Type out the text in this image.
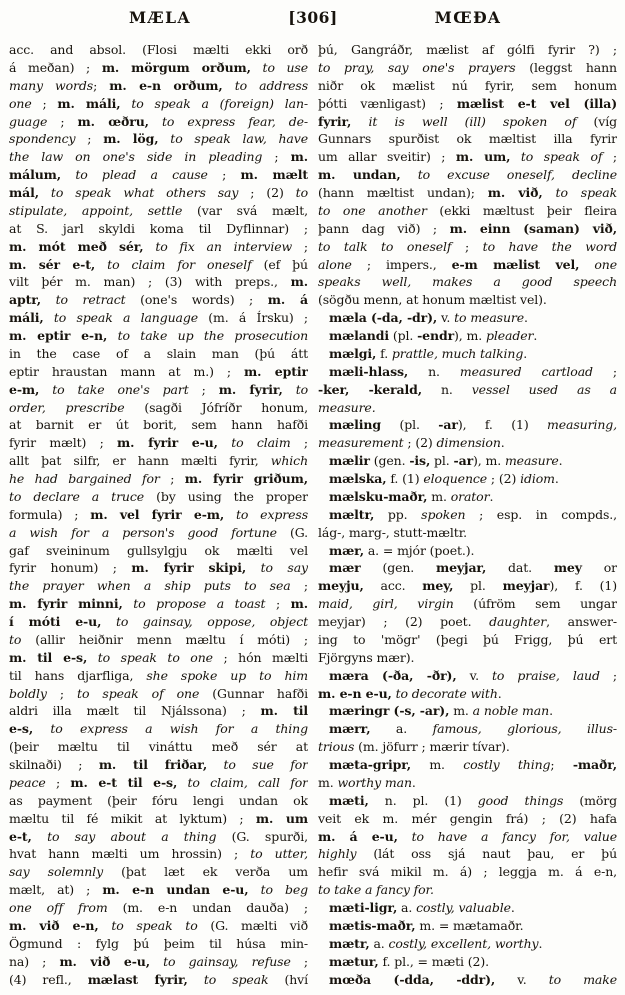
MÆLA	[306]	MŒÐA
acc. and absol. (Flosi mælti ekki orð
á meðan) ; m. mörgum orðum, to use
many words; m. e-n orðum, to address
one ; m. máli, to speak a (foreign) lan-
guage ; m. œðru, to express fear, de-
spondency ; m. lög, to speak law, have
the law on one's side in pleading ; m.
málum, to plead a cause ; m. mælt
mál, to speak what others say ; (2) to
stipulate, appoint, settle (var svá mælt,
at S. jarl skyldi koma til Dyflinnar) ;
m. mót með sér, to fix an interview ;
m. sér e-t, to claim for oneself (ef þú
vilt þér m. man) ; (3) with preps., m.
aptr, to retract (one's words) ; m. á
máli, to speak a language (m. á Írsku) ;
m. eptir e-n, to take up the prosecution
in the case of a slain man (þú átt
eptir hraustan mann at m.) ; m. eptir
e-m, to take one's part ; m. fyrir, to
order, prescribe (sagði Jófríðr honum,
at barnit er út borit, sem hann hafði
fyrir mælt) ; m. fyrir e-u, to claim ;
allt þat silfr, er hann mælti fyrir, which
he had bargained for ; m. fyrir griðum,
to declare a truce (by using the proper
formula) ; m. vel fyrir e-m, to express
a wish for a person's good fortune (G.
gaf sveininum gullsylgju ok mælti vel
fyrir honum) ; m. fyrir skipi, to say
the prayer when a ship puts to sea ;
m. fyrir minni, to propose a toast ; m.
í móti e-u, to gainsay, oppose, object
to (allir heiðnir menn mæltu í móti) ;
m. til e-s, to speak to one ; hón mælti
til hans djarfliga, she spoke up to him
boldly ; to speak of one (Gunnar hafði
aldri illa mælt til Njálssona) ; m. til
e-s, to express a wish for a thing
(þeir mæltu til vináttu með sér at
skilnaði) ; m. til friðar, to sue for
peace ; m. e-t til e-s, to claim, call for
as payment (þeir fóru lengi undan ok
mæltu til fé mikit at lyktum) ; m. um
e-t, to say about a thing (G. spurði,
hvat hann mælti um hrossin) ; to utter,
say solemnly (þat læt ek verða um
mælt, at) ; m. e-n undan e-u, to beg
one off from (m. e-n undan dauða) ;
m. við e-n, to speak to (G. mælti við
Ögmund : fylg þú þeim til húsa min-
na) ; m. við e-u, to gainsay, refuse ;
(4) refl., mælast fyrir, to speak (hví
þú, Gangráðr, mælist af gólfi fyrir ?) ;
to pray, say one's prayers (leggst hann
niðr ok mælist nú fyrir, sem honum
þótti vænligast) ; mælist e-t vel (illa)
fyrir, it is well (ill) spoken of (víg
Gunnars spurðist ok mæltist illa fyrir
um allar sveitir) ; m. um, to speak of ;
m. undan, to excuse oneself, decline
(hann mæltist undan); m. við, to speak
to one another (ekki mæltust þeir fleira
þann dag við) ; m. einn (saman) við,
to talk to oneself ; to have the word
alone ; impers., e-m mælist vel, one
speaks well, makes a good speech
(sögðu menn, at honum mæltist vel).
mæla (-da, -dr), v. to measure.
mælandi (pl. -endr), m. pleader.
mælgi, f. prattle, much talking.
mæli-hlass, n. measured cartload ;
-ker, -kerald, n. vessel used as a
measure.
mæling (pl. -ar), f. (1) measuring,
measurement ; (2) dimension.
mælir (gen. -is, pl. -ar), m. measure.
mælska, f. (1) eloquence ; (2) idiom.
mælsku-maðr, m. orator.
mæltr, pp. spoken ; esp. in compds.,
lág-, marg-, stutt-mæltr.
mær, a. = mjór (poet.).
mær (gen. meyjar, dat. mey or
meyju, acc. mey, pl. meyjar), f. (1)
maid, girl, virgin (úfröm sem ungar
meyjar) ; (2) poet. daughter, answer-
ing to 'mögr' (þegi þú Frigg, þú ert
Fjörgyns mær).
mæra (-ða, -ðr), v. to praise, laud ;
m. e-n e-u, to decorate with.
mæringr (-s, -ar), m. a noble man.
mærr, a. famous, glorious, illus-
trious (m. jöfurr ; mærir tívar).
mæta-gripr, m. costly thing; -maðr,
m. worthy man.
mæti, n. pl. (1) good things (mörg
veit ek m. mér gengin frá) ; (2) hafa
m. á e-u, to have a fancy for, value
highly (lát oss sjá naut þau, er þú
hefir svá mikil m. á) ; leggja m. á e-n,
to take a fancy for.
mæti-ligr, a. costly, valuable.
mætis-maðr, m. = mætamaðr.
mætr, a. costly, excellent, worthy.
mætur, f. pl., = mæti (2).
mœða (-dda, -ddr), v. to make
